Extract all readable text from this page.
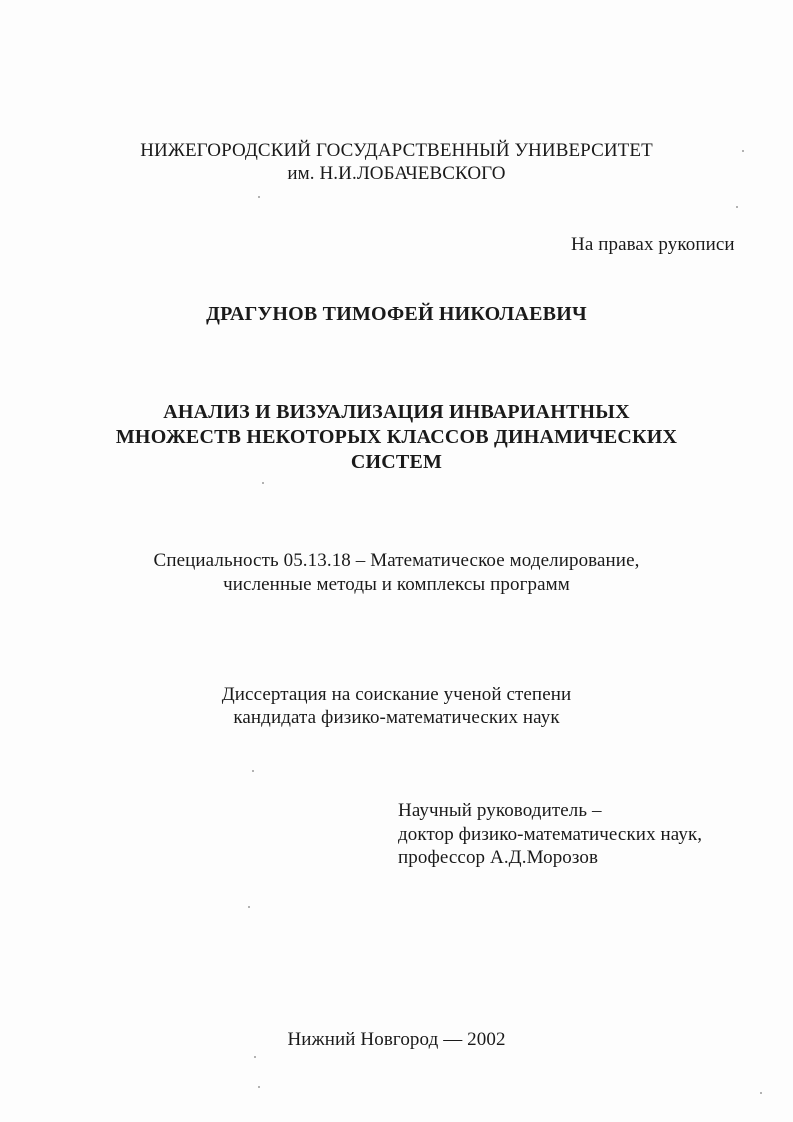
НИЖЕГОРОДСКИЙ ГОСУДАРСТВЕННЫЙ УНИВЕРСИТЕТ
им. Н.И.ЛОБАЧЕВСКОГО
На правах рукописи
ДРАГУНОВ ТИМОФЕЙ НИКОЛАЕВИЧ
АНАЛИЗ И ВИЗУАЛИЗАЦИЯ ИНВАРИАНТНЫХ
МНОЖЕСТВ НЕКОТОРЫХ КЛАССОВ ДИНАМИЧЕСКИХ
СИСТЕМ
Специальность 05.13.18 – Математическое моделирование,
численные методы и комплексы программ
Диссертация на соискание ученой степени
кандидата физико-математических наук
Научный руководитель –
доктор физико-математических наук,
профессор А.Д.Морозов
Нижний Новгород — 2002
